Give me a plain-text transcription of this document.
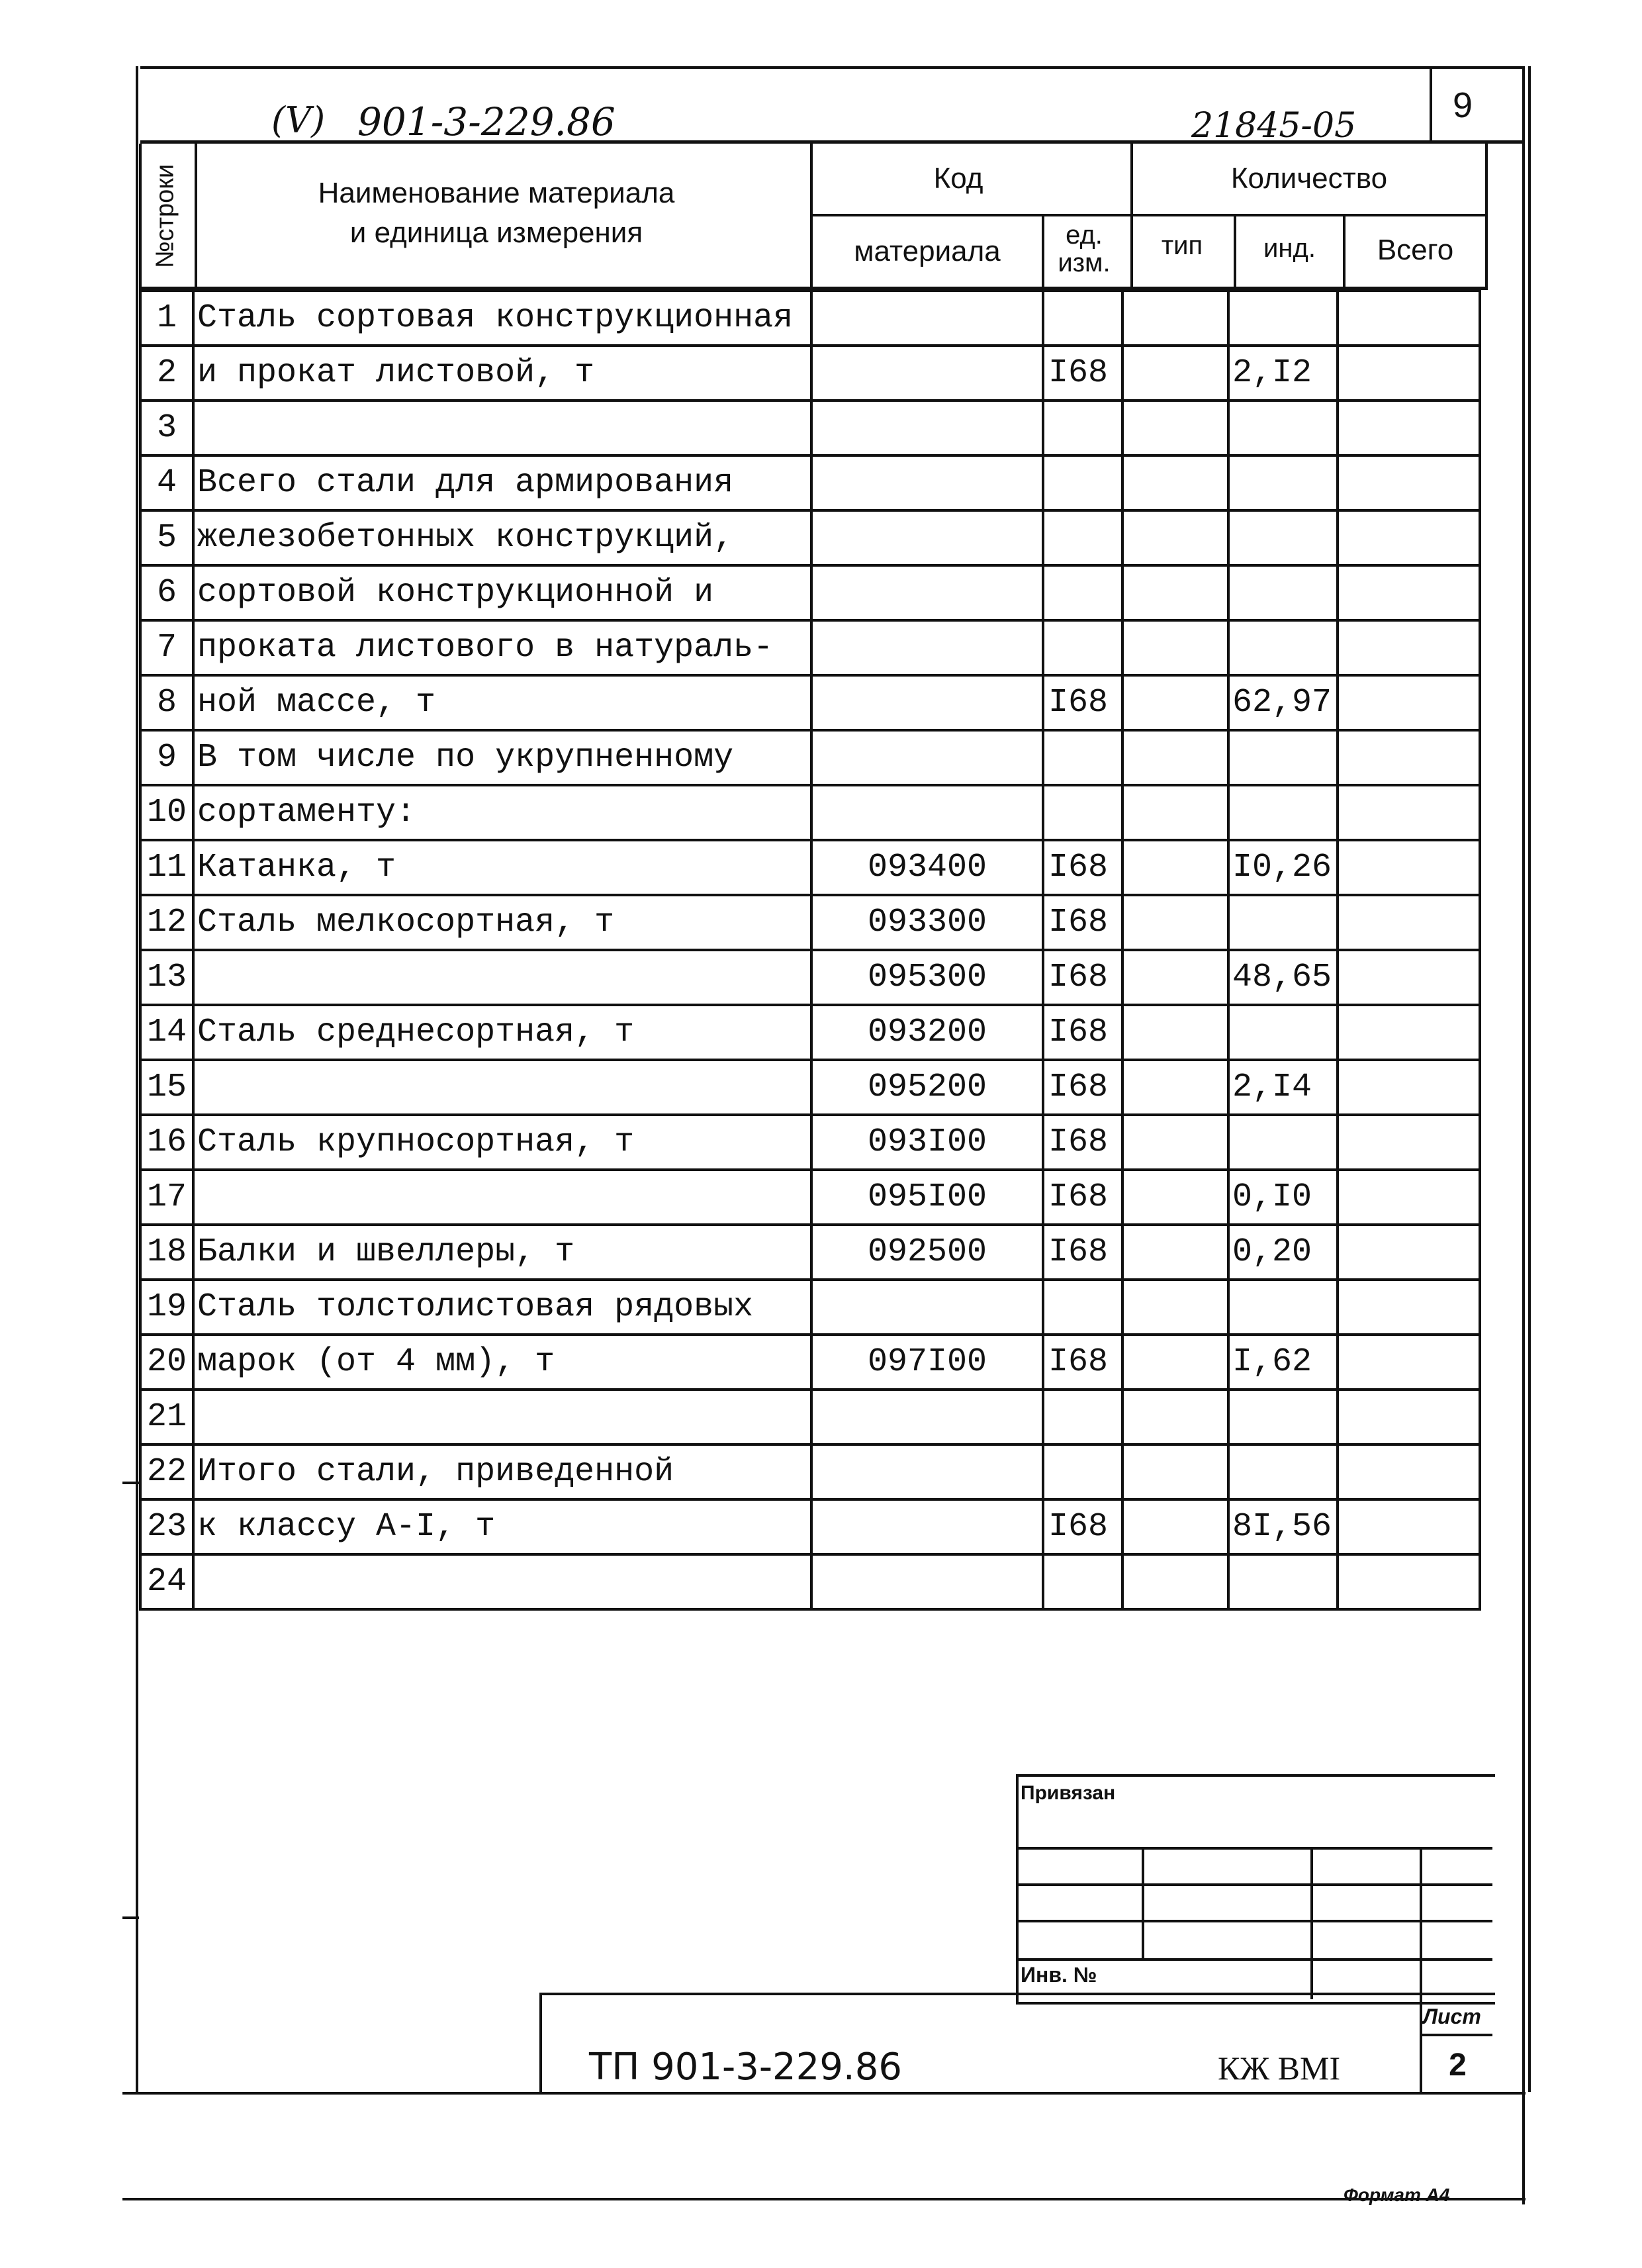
9
(V) 901-3-229.86	21845-05
№строки	Наименование материала
и единица измерения
Код
материала	ед.
изм.
Количество
тип	инд.	Всего
1	Сталь сортовая конструкционная					
2	и прокат листовой, т		I68		2,I2	
3						
4	Всего стали для армирования					
5	железобетонных конструкций,					
6	сортовой конструкционной и					
7	проката листового в натураль-					
8	ной массе, т		I68		62,97	
9	В том числе по укрупненному					
10	сортаменту:					
11	Катанка, т	093400	I68		I0,26	
12	Сталь мелкосортная, т	093300	I68			
13		095300	I68		48,65	
14	Сталь среднесортная, т	093200	I68			
15		095200	I68		2,I4	
16	Сталь крупносортная, т	093I00	I68			
17		095I00	I68		0,I0	
18	Балки и швеллеры, т	092500	I68		0,20	
19	Сталь толстолистовая рядовых					
20	марок (от 4 мм), т	097I00	I68		I,62	
21						
22	Итого стали, приведенной					
23	к классу А-I, т		I68		8I,56	
24						
Привязан
Инв. №
ТП 901-3-229.86	КЖ ВМI
Лист
2
Формат А4
